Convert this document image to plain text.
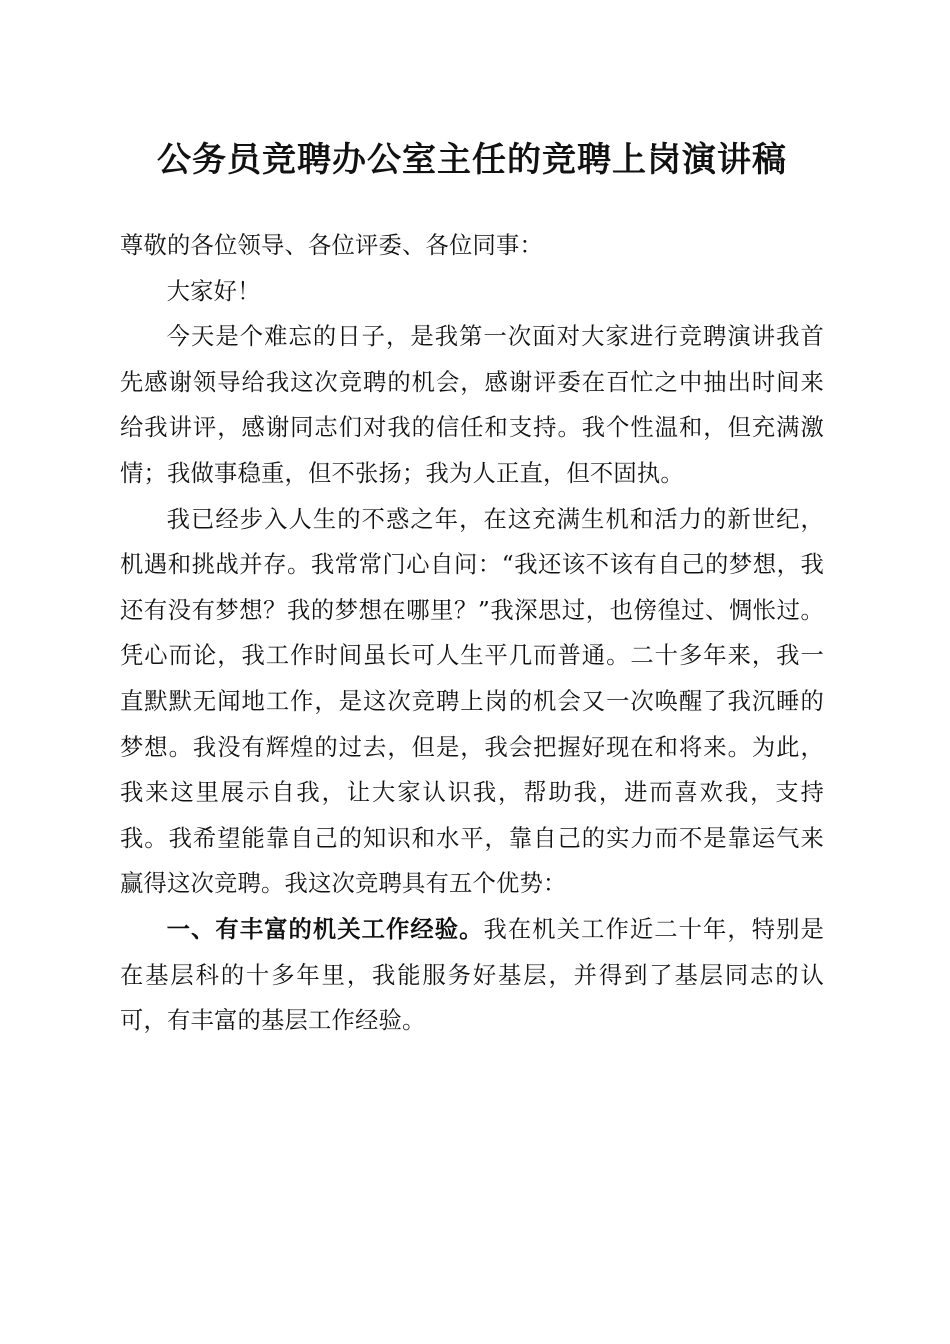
公务员竞聘办公室主任的竞聘上岗演讲稿

尊敬的各位领导、各位评委、各位同事：

大家好！

今天是个难忘的日子，是我第一次面对大家进行竞聘演讲我首先感谢领导给我这次竞聘的机会，感谢评委在百忙之中抽出时间来给我讲评，感谢同志们对我的信任和支持。我个性温和，但充满激情；我做事稳重，但不张扬；我为人正直，但不固执。

我已经步入人生的不惑之年，在这充满生机和活力的新世纪，机遇和挑战并存。我常常门心自问：“我还该不该有自己的梦想，我还有没有梦想？我的梦想在哪里？”我深思过，也傍徨过、惆怅过。凭心而论，我工作时间虽长可人生平几而普通。二十多年来，我一直默默无闻地工作，是这次竞聘上岗的机会又一次唤醒了我沉睡的梦想。我没有辉煌的过去，但是，我会把握好现在和将来。为此，我来这里展示自我，让大家认识我，帮助我，进而喜欢我，支持我。我希望能靠自己的知识和水平，靠自己的实力而不是靠运气来赢得这次竞聘。我这次竞聘具有五个优势：

一、有丰富的机关工作经验。我在机关工作近二十年，特别是在基层科的十多年里，我能服务好基层，并得到了基层同志的认可，有丰富的基层工作经验。
